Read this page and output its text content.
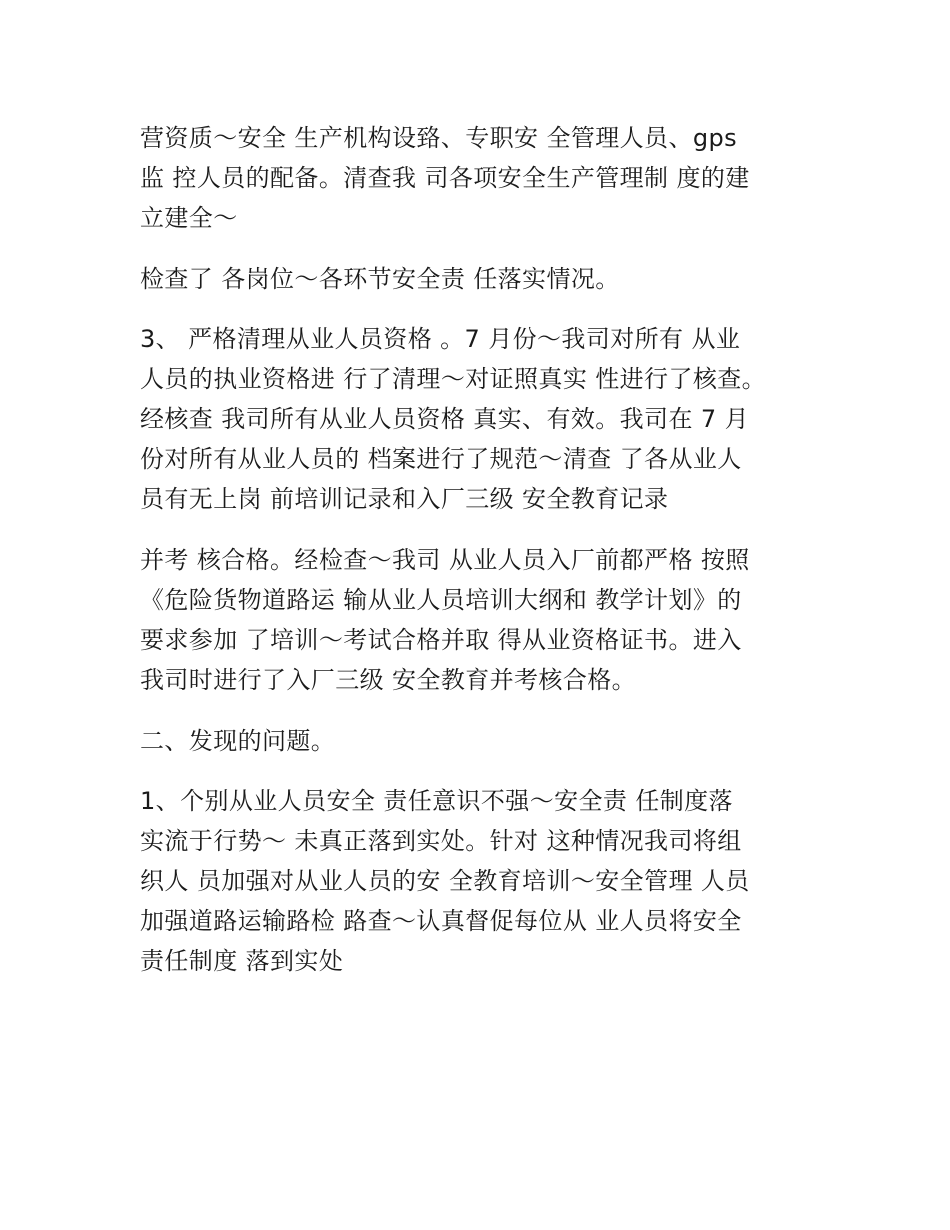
营资质～安全 生产机构设臵、专职安 全管理人员、gps
监 控人员的配备。清查我 司各项安全生产管理制 度的建
立建全～
检查了 各岗位～各环节安全责 任落实情况。
3、 严格清理从业人员资格 。7 月份～我司对所有 从业
人员的执业资格进 行了清理～对证照真实 性进行了核查。
经核查 我司所有从业人员资格 真实、有效。我司在 7 月
份对所有从业人员的 档案进行了规范～清查 了各从业人
员有无上岗 前培训记录和入厂三级 安全教育记录
并考 核合格。经检查～我司 从业人员入厂前都严格 按照
《危险货物道路运 输从业人员培训大纲和 教学计划》的
要求参加 了培训～考试合格并取 得从业资格证书。进入
我司时进行了入厂三级 安全教育并考核合格。
二、发现的问题。
1、个别从业人员安全 责任意识不强～安全责 任制度落
实流于行势～ 未真正落到实处。针对 这种情况我司将组
织人 员加强对从业人员的安 全教育培训～安全管理 人员
加强道路运输路检 路查～认真督促每位从 业人员将安全
责任制度 落到实处
